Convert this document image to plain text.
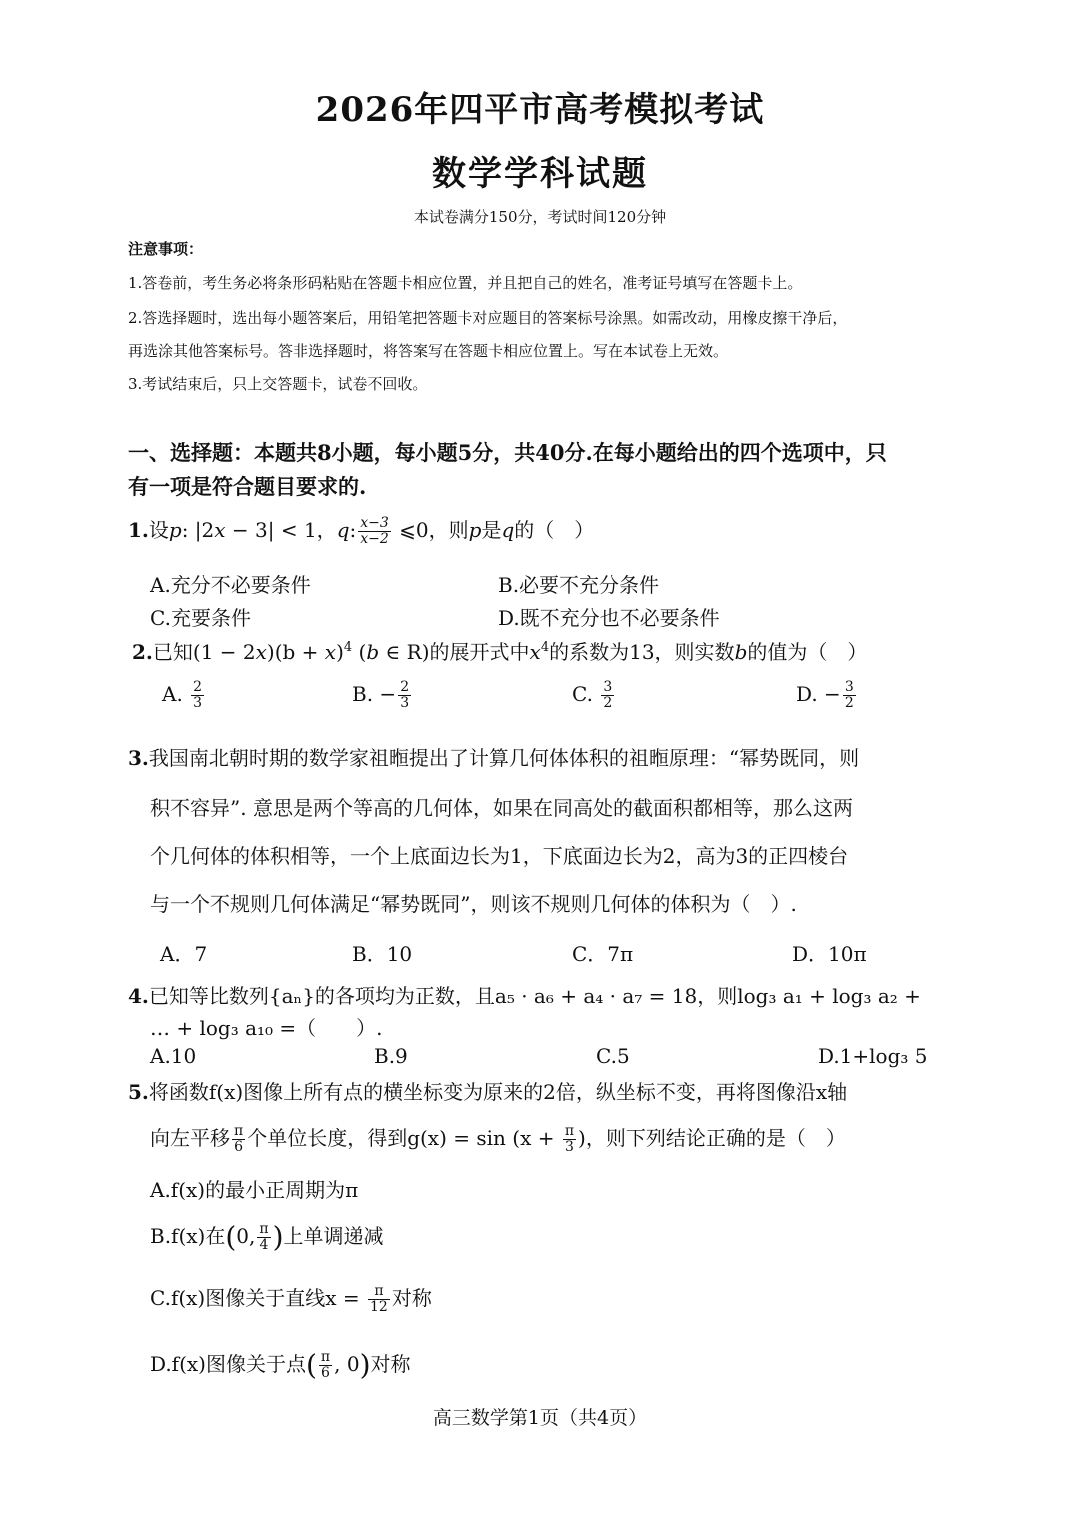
2026年四平市高考模拟考试
数学学科试题
本试卷满分150分，考试时间120分钟
注意事项：
1.答卷前，考生务必将条形码粘贴在答题卡相应位置，并且把自己的姓名，准考证号填写在答题卡上。
2.答选择题时，选出每小题答案后，用铅笔把答题卡对应题目的答案标号涂黑。如需改动，用橡皮擦干净后，
再选涂其他答案标号。答非选择题时，将答案写在答题卡相应位置上。写在本试卷上无效。
3.考试结束后，只上交答题卡，试卷不回收。
一、选择题：本题共8小题，每小题5分，共40分.在每小题给出的四个选项中，只
有一项是符合题目要求的.
1.设p: |2x − 3| < 1，q: $\frac{x-3}{x-2}$ ⩽0，则p是q的（　）
A.充分不必要条件	B.必要不充分条件
C.充要条件	D.既不充分也不必要条件
2.已知$(1 - 2x)(b + x)^4$ (b ∈ R)的展开式中$x^4$的系数为13，则实数b的值为（　）
A. $\frac{2}{3}$	B. − $\frac{2}{3}$	C. $\frac{3}{2}$	D. − $\frac{3}{2}$
3.我国南北朝时期的数学家祖暅提出了计算几何体体积的祖暅原理：“幂势既同，则
积不容异”. 意思是两个等高的几何体，如果在同高处的截面积都相等，那么这两
个几何体的体积相等，一个上底面边长为1，下底面边长为2，高为3的正四棱台
与一个不规则几何体满足“幂势既同”，则该不规则几何体的体积为（　）.
A．7	B．10	C．7π	D．10π
4.已知等比数列{aₙ}的各项均为正数，且a₅ · a₆ + a₄ · a₇ = 18，则log₃ a₁ + log₃ a₂ +
… + log₃ a₁₀ =（　　）.
A.10	B.9	C.5	D.1+log₃ 5
5.将函数f(x)图像上所有点的横坐标变为原来的2倍，纵坐标不变，再将图像沿x轴
向左平移 $\frac{\pi}{6}$ 个单位长度，得到$g(x) = \sin (x + \frac{\pi}{3}$ )，则下列结论正确的是（　）
A.f(x)的最小正周期为π
B.f(x)在(0, $\frac{\pi}{4}$ )上单调递减
C.f(x)图像关于直线$x = \frac{\pi}{12}$ 对称
D.f(x)图像关于点( $\frac{\pi}{6}$ , 0)对称
高三数学第1页（共4页）
